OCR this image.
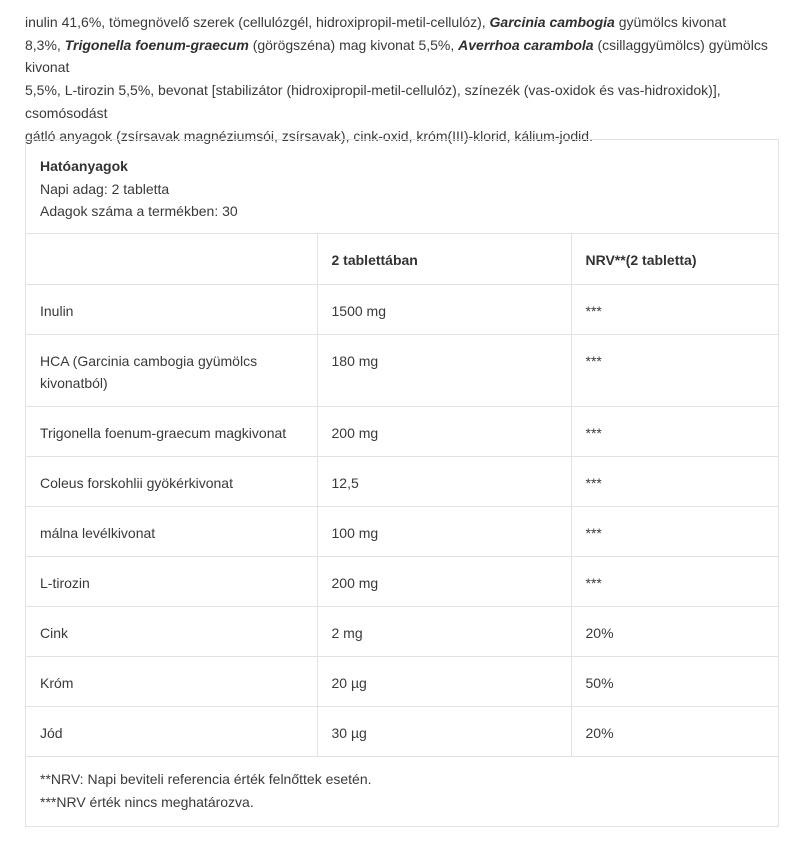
inulin 41,6%, tömegnövelő szerek (cellulózgél, hidroxipropil-metil-cellulóz), Garcinia cambogia gyümölcs kivonat
8,3%, Trigonella foenum-graecum (görögszéna) mag kivonat 5,5%, Averrhoa carambola (csillaggyümölcs) gyümölcs kivonat
5,5%, L-tirozin 5,5%, bevonat [stabilizátor (hidroxipropil-metil-cellulóz), színezék (vas-oxidok és vas-hidroxidok)], csomósodást
gátló anyagok (zsírsavak magnéziumsói, zsírsavak), cink-oxid, króm(III)-klorid, kálium-jodid.
Hatóanyagok
Napi adag: 2 tabletta
Adagok száma a termékben: 30
	2 tablettában	NRV**(2 tabletta)
Inulin	1500 mg	***
HCA (Garcinia cambogia gyümölcs kivonatból)	180 mg	***
Trigonella foenum-graecum magkivonat	200 mg	***
Coleus forskohlii gyökérkivonat	12,5	***
málna levélkivonat	100 mg	***
L-tirozin	200 mg	***
Cink	2 mg	20%
Króm	20 µg	50%
Jód	30 µg	20%
**NRV: Napi beviteli referencia érték felnőttek esetén.
***NRV érték nincs meghatározva.
